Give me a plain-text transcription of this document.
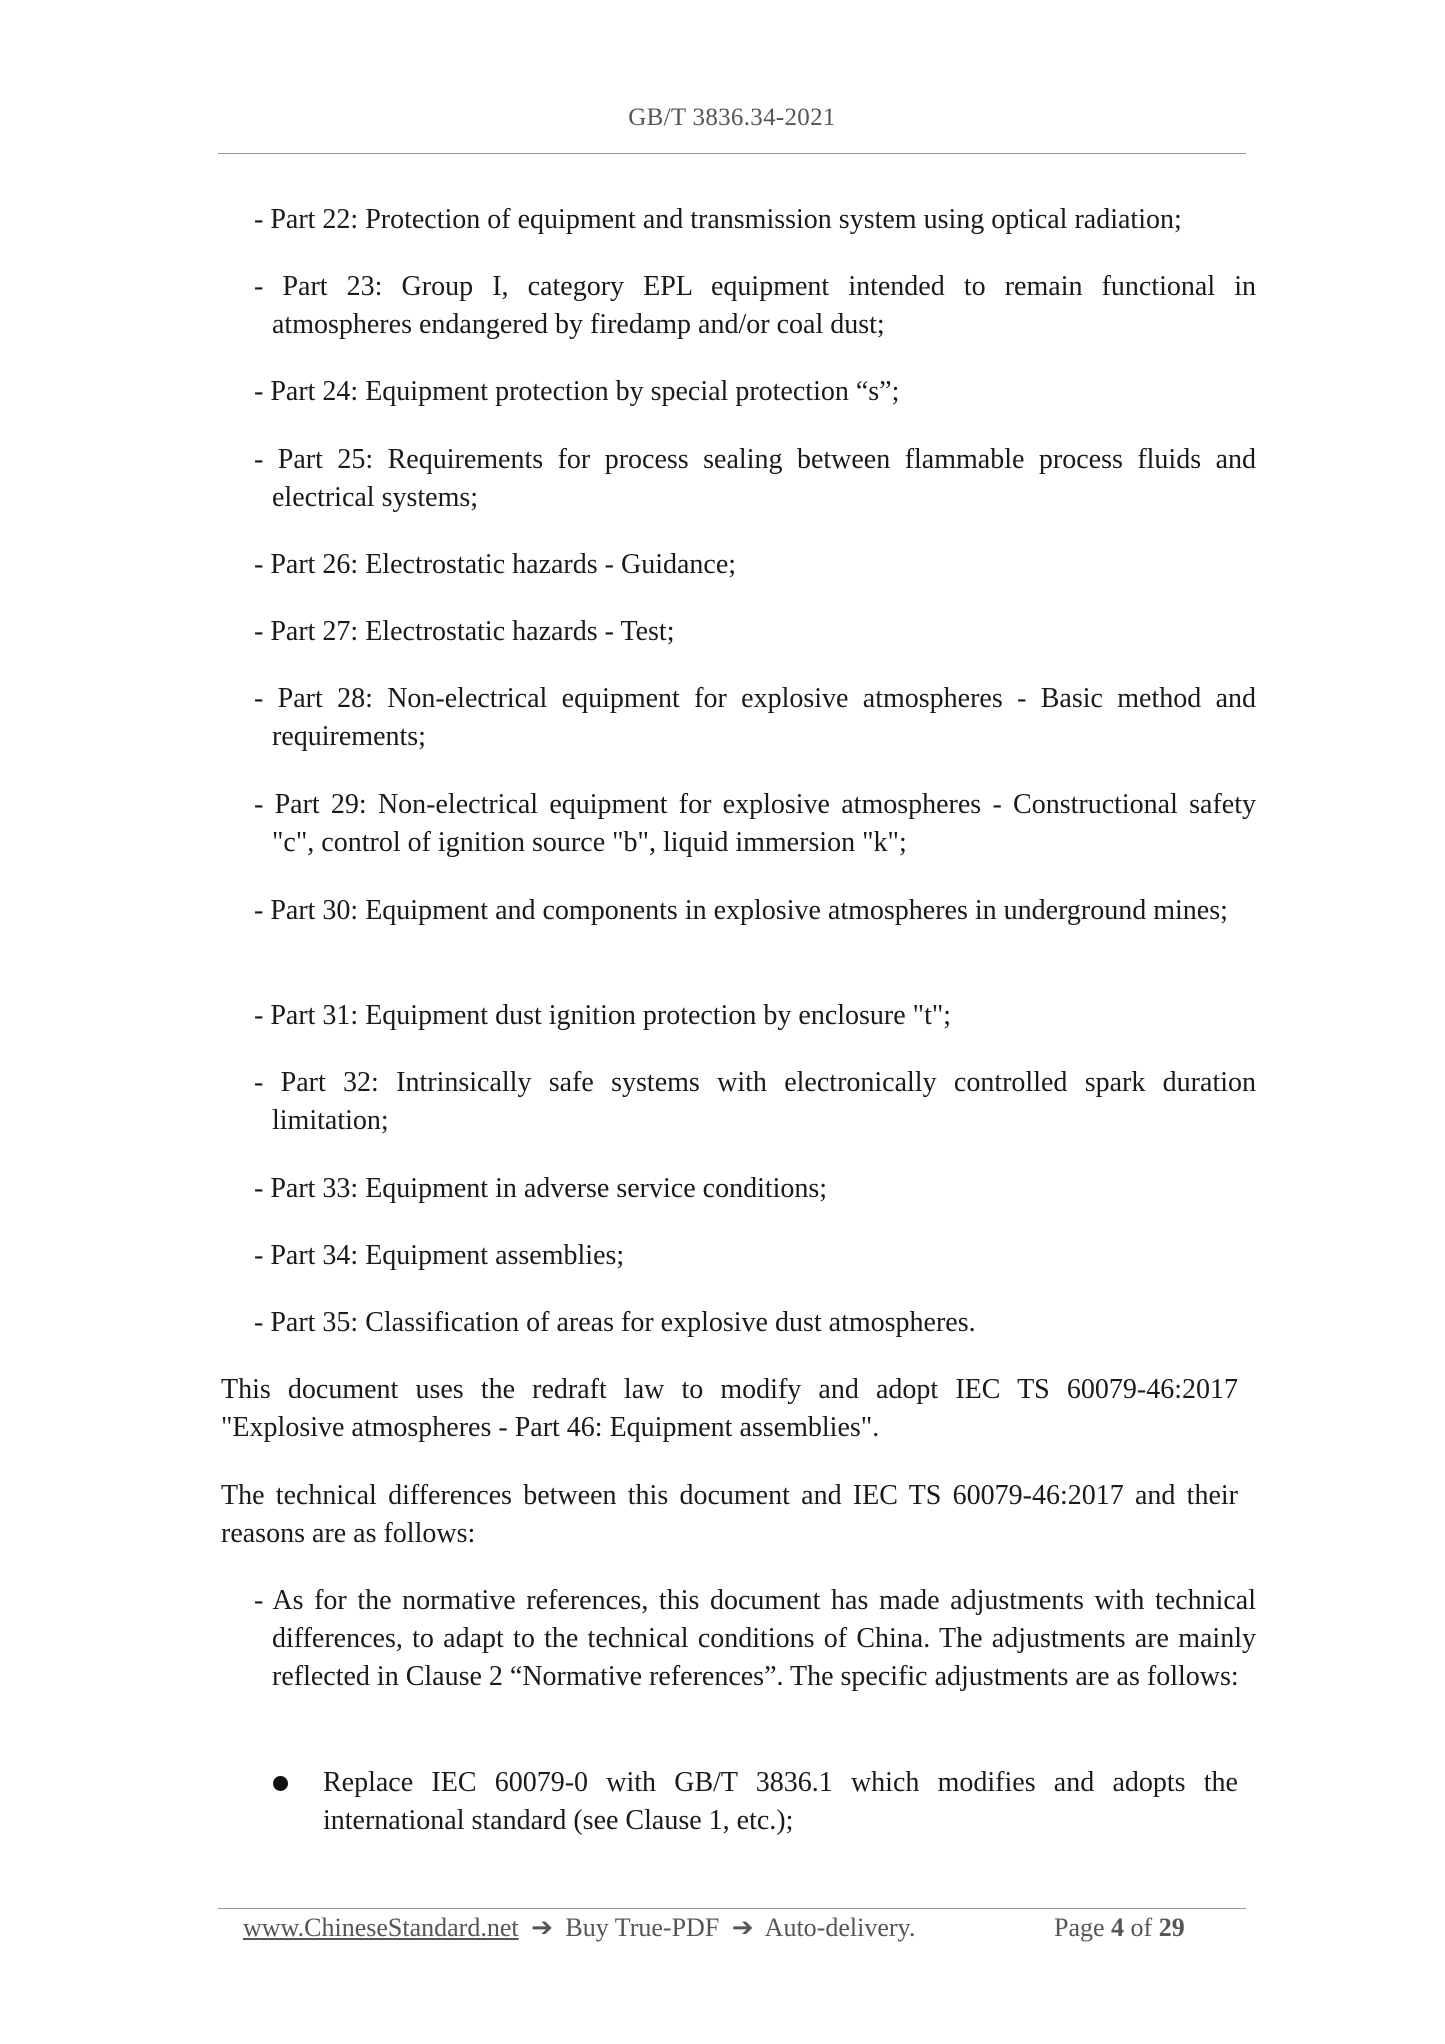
GB/T 3836.34-2021

- Part 22: Protection of equipment and transmission system using optical radiation;

- Part 23: Group I, category EPL equipment intended to remain functional in atmospheres endangered by firedamp and/or coal dust;

- Part 24: Equipment protection by special protection “s”;

- Part 25: Requirements for process sealing between flammable process fluids and electrical systems;

- Part 26: Electrostatic hazards - Guidance;

- Part 27: Electrostatic hazards - Test;

- Part 28: Non-electrical equipment for explosive atmospheres - Basic method and requirements;

- Part 29: Non-electrical equipment for explosive atmospheres - Constructional safety "c", control of ignition source "b", liquid immersion "k";

- Part 30: Equipment and components in explosive atmospheres in underground mines;

- Part 31: Equipment dust ignition protection by enclosure "t";

- Part 32: Intrinsically safe systems with electronically controlled spark duration limitation;

- Part 33: Equipment in adverse service conditions;

- Part 34: Equipment assemblies;

- Part 35: Classification of areas for explosive dust atmospheres.

This document uses the redraft law to modify and adopt IEC TS 60079-46:2017 "Explosive atmospheres - Part 46: Equipment assemblies".

The technical differences between this document and IEC TS 60079-46:2017 and their reasons are as follows:

- As for the normative references, this document has made adjustments with technical differences, to adapt to the technical conditions of China. The adjustments are mainly reflected in Clause 2 “Normative references”. The specific adjustments are as follows:

Replace IEC 60079-0 with GB/T 3836.1 which modifies and adopts the international standard (see Clause 1, etc.);
www.ChineseStandard.net ➔ Buy True-PDF ➔ Auto-delivery.	Page 4 of 29
